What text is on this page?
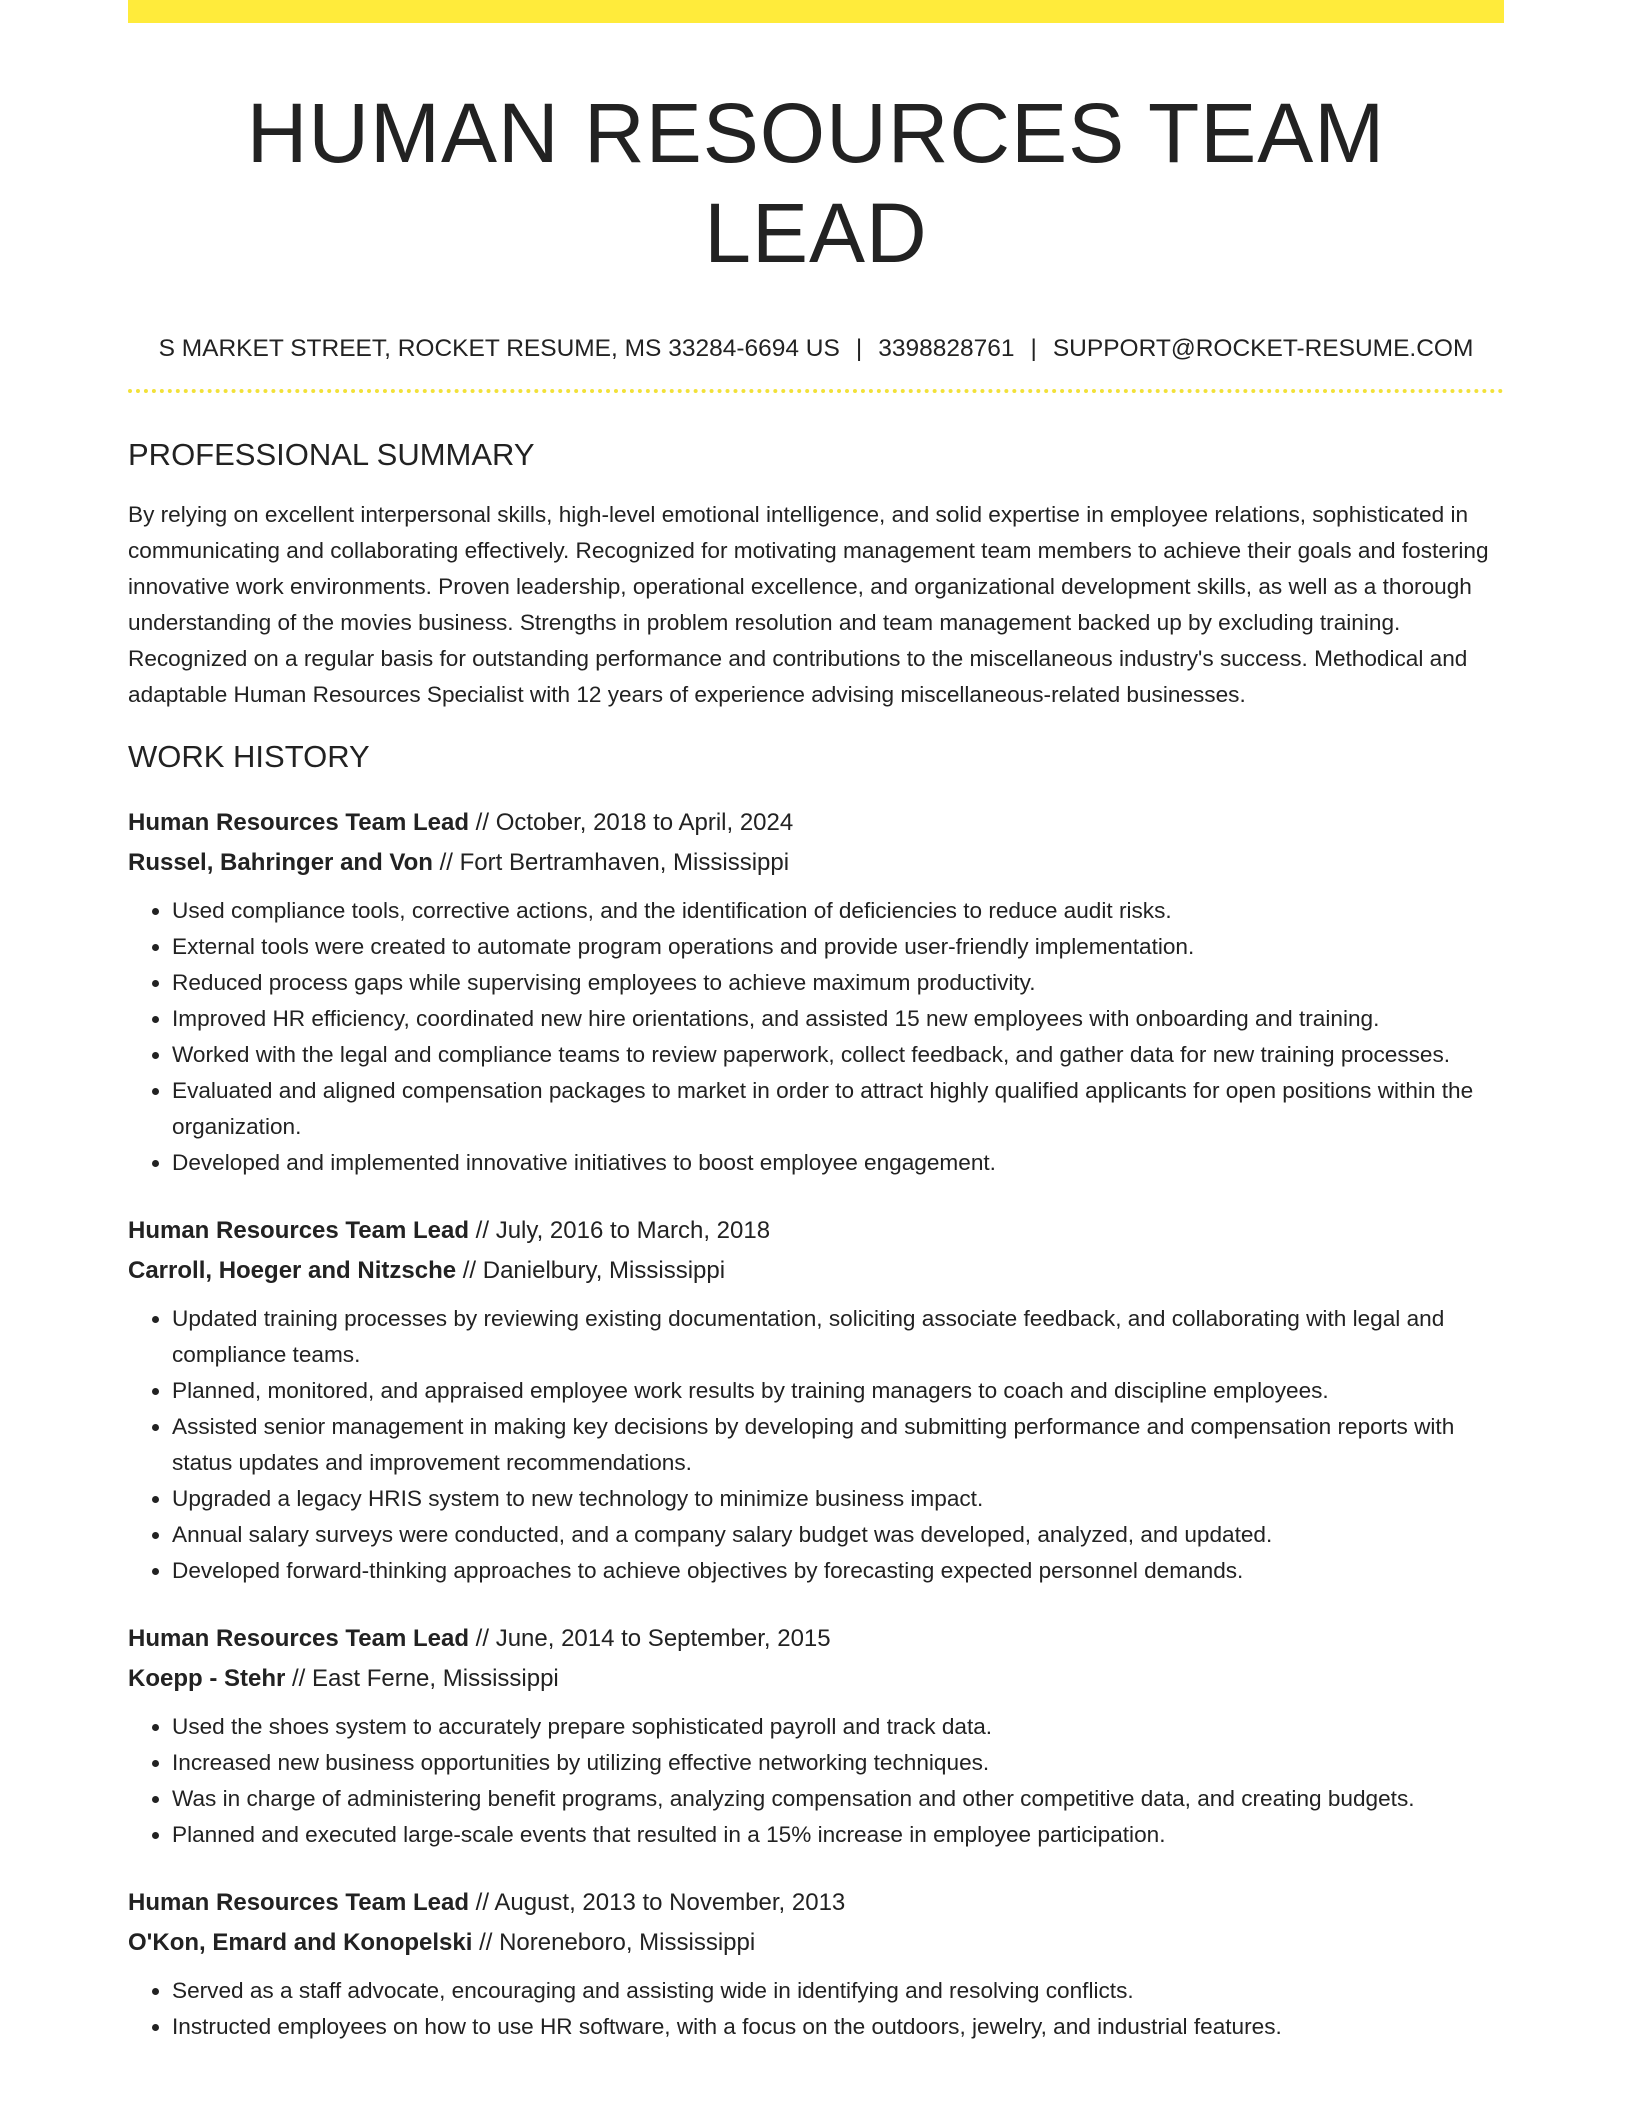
HUMAN RESOURCES TEAM LEAD
S MARKET STREET, ROCKET RESUME, MS 33284-6694 US | 3398828761 | SUPPORT@ROCKET-RESUME.COM
PROFESSIONAL SUMMARY

By relying on excellent interpersonal skills, high-level emotional intelligence, and solid expertise in employee relations, sophisticated in communicating and collaborating effectively. Recognized for motivating management team members to achieve their goals and fostering innovative work environments. Proven leadership, operational excellence, and organizational development skills, as well as a thorough understanding of the movies business. Strengths in problem resolution and team management backed up by excluding training. Recognized on a regular basis for outstanding performance and contributions to the miscellaneous industry's success. Methodical and adaptable Human Resources Specialist with 12 years of experience advising miscellaneous-related businesses.

WORK HISTORY
Human Resources Team Lead // October, 2018 to April, 2024
Russel, Bahringer and Von // Fort Bertramhaven, Mississippi
• Used compliance tools, corrective actions, and the identification of deficiencies to reduce audit risks.
• External tools were created to automate program operations and provide user-friendly implementation.
• Reduced process gaps while supervising employees to achieve maximum productivity.
• Improved HR efficiency, coordinated new hire orientations, and assisted 15 new employees with onboarding and training.
• Worked with the legal and compliance teams to review paperwork, collect feedback, and gather data for new training processes.
• Evaluated and aligned compensation packages to market in order to attract highly qualified applicants for open positions within the organization.
• Developed and implemented innovative initiatives to boost employee engagement.
Human Resources Team Lead // July, 2016 to March, 2018
Carroll, Hoeger and Nitzsche // Danielbury, Mississippi
• Updated training processes by reviewing existing documentation, soliciting associate feedback, and collaborating with legal and compliance teams.
• Planned, monitored, and appraised employee work results by training managers to coach and discipline employees.
• Assisted senior management in making key decisions by developing and submitting performance and compensation reports with status updates and improvement recommendations.
• Upgraded a legacy HRIS system to new technology to minimize business impact.
• Annual salary surveys were conducted, and a company salary budget was developed, analyzed, and updated.
• Developed forward-thinking approaches to achieve objectives by forecasting expected personnel demands.
Human Resources Team Lead // June, 2014 to September, 2015
Koepp - Stehr // East Ferne, Mississippi
• Used the shoes system to accurately prepare sophisticated payroll and track data.
• Increased new business opportunities by utilizing effective networking techniques.
• Was in charge of administering benefit programs, analyzing compensation and other competitive data, and creating budgets.
• Planned and executed large-scale events that resulted in a 15% increase in employee participation.
Human Resources Team Lead // August, 2013 to November, 2013
O'Kon, Emard and Konopelski // Noreneboro, Mississippi
• Served as a staff advocate, encouraging and assisting wide in identifying and resolving conflicts.
• Instructed employees on how to use HR software, with a focus on the outdoors, jewelry, and industrial features.
